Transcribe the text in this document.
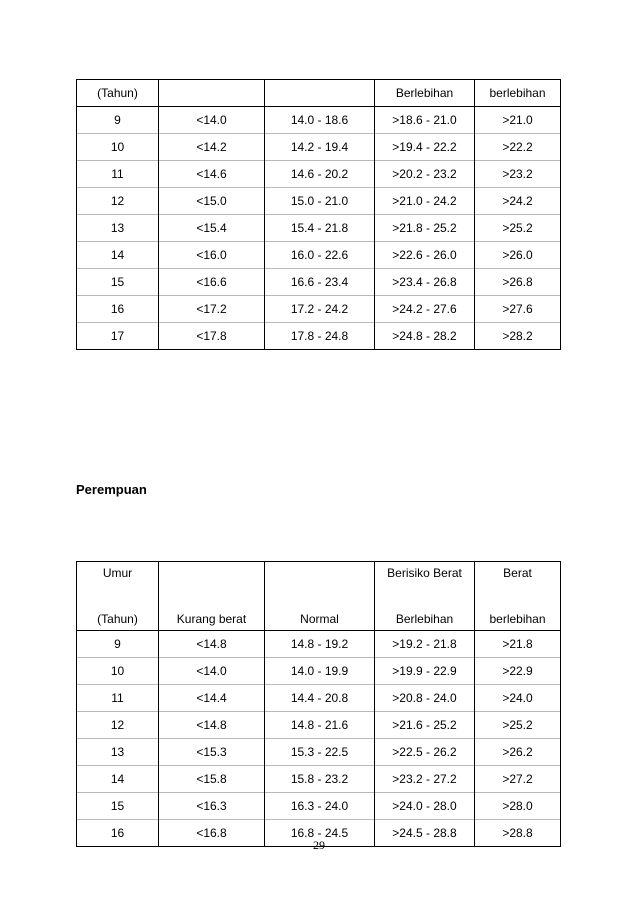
(Tahun)			Berlebihan	berlebihan
9	<14.0	14.0 - 18.6	>18.6 - 21.0	>21.0
10	<14.2	14.2 - 19.4	>19.4 - 22.2	>22.2
11	<14.6	14.6 - 20.2	>20.2 - 23.2	>23.2
12	<15.0	15.0 - 21.0	>21.0 - 24.2	>24.2
13	<15.4	15.4 - 21.8	>21.8 - 25.2	>25.2
14	<16.0	16.0 - 22.6	>22.6 - 26.0	>26.0
15	<16.6	16.6 - 23.4	>23.4 - 26.8	>26.8
16	<17.2	17.2 - 24.2	>24.2 - 27.6	>27.6
17	<17.8	17.8 - 24.8	>24.8 - 28.2	>28.2
Perempuan
Umur			Berisiko Berat	Berat
(Tahun)	Kurang berat	Normal	Berlebihan	berlebihan
9	<14.8	14.8 - 19.2	>19.2 - 21.8	>21.8
10	<14.0	14.0 - 19.9	>19.9 - 22.9	>22.9
11	<14.4	14.4 - 20.8	>20.8 - 24.0	>24.0
12	<14.8	14.8 - 21.6	>21.6 - 25.2	>25.2
13	<15.3	15.3 - 22.5	>22.5 - 26.2	>26.2
14	<15.8	15.8 - 23.2	>23.2 - 27.2	>27.2
15	<16.3	16.3 - 24.0	>24.0 - 28.0	>28.0
16	<16.8	16.8 - 24.5	>24.5 - 28.8	>28.8
29
